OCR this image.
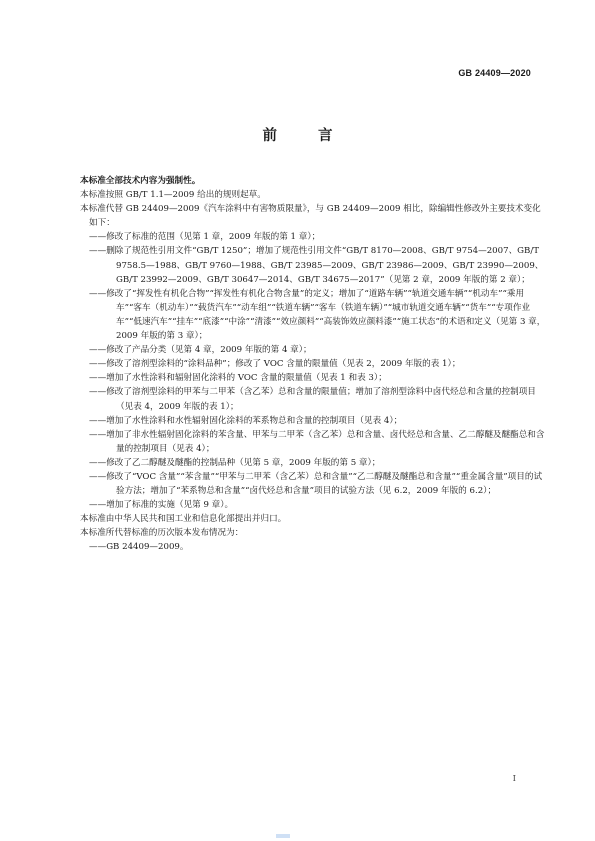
GB 24409—2020
前 言

本标准全部技术内容为强制性。

本标准按照 GB/T 1.1—2009 给出的规则起草。

本标准代替 GB 24409—2009《汽车涂料中有害物质限量》，与 GB 24409—2009 相比，除编辑性修改外主要技术变化如下：

——修改了标准的范围（见第 1 章，2009 年版的第 1 章）；

——删除了规范性引用文件“GB/T 1250”；增加了规范性引用文件“GB/T 8170—2008、GB/T 9754—2007、GB/T 9758.5—1988、GB/T 9760—1988、GB/T 23985—2009、GB/T 23986—2009、GB/T 23990—2009、GB/T 23992—2009、GB/T 30647—2014、GB/T 34675—2017”（见第 2 章，2009 年版的第 2 章）；

——修改了“挥发性有机化合物”“挥发性有机化合物含量”的定义；增加了“道路车辆”“轨道交通车辆”“机动车”“乘用车”“客车（机动车）”“载货汽车”“动车组”“铁道车辆”“客车（铁道车辆）”“城市轨道交通车辆”“货车”“专项作业车”“低速汽车”“挂车”“底漆”“中涂”“清漆”“效应颜料”“高装饰效应颜料漆”“施工状态”的术语和定义（见第 3 章，2009 年版的第 3 章）；

——修改了产品分类（见第 4 章，2009 年版的第 4 章）；

——修改了溶剂型涂料的“涂料品种”；修改了 VOC 含量的限量值（见表 2，2009 年版的表 1）；

——增加了水性涂料和辐射固化涂料的 VOC 含量的限量值（见表 1 和表 3）；

——修改了溶剂型涂料的甲苯与二甲苯（含乙苯）总和含量的限量值；增加了溶剂型涂料中卤代烃总和含量的控制项目（见表 4，2009 年版的表 1）；

——增加了水性涂料和水性辐射固化涂料的苯系物总和含量的控制项目（见表 4）；

——增加了非水性辐射固化涂料的苯含量、甲苯与二甲苯（含乙苯）总和含量、卤代烃总和含量、乙二醇醚及醚酯总和含量的控制项目（见表 4）；

——修改了乙二醇醚及醚酯的控制品种（见第 5 章，2009 年版的第 5 章）；

——修改了“VOC 含量”“苯含量”“甲苯与二甲苯（含乙苯）总和含量”“乙二醇醚及醚酯总和含量”“重金属含量”项目的试验方法；增加了“苯系物总和含量”“卤代烃总和含量”项目的试验方法（见 6.2，2009 年版的 6.2）；

——增加了标准的实施（见第 9 章）。

本标准由中华人民共和国工业和信息化部提出并归口。

本标准所代替标准的历次版本发布情况为：

——GB 24409—2009。

I
